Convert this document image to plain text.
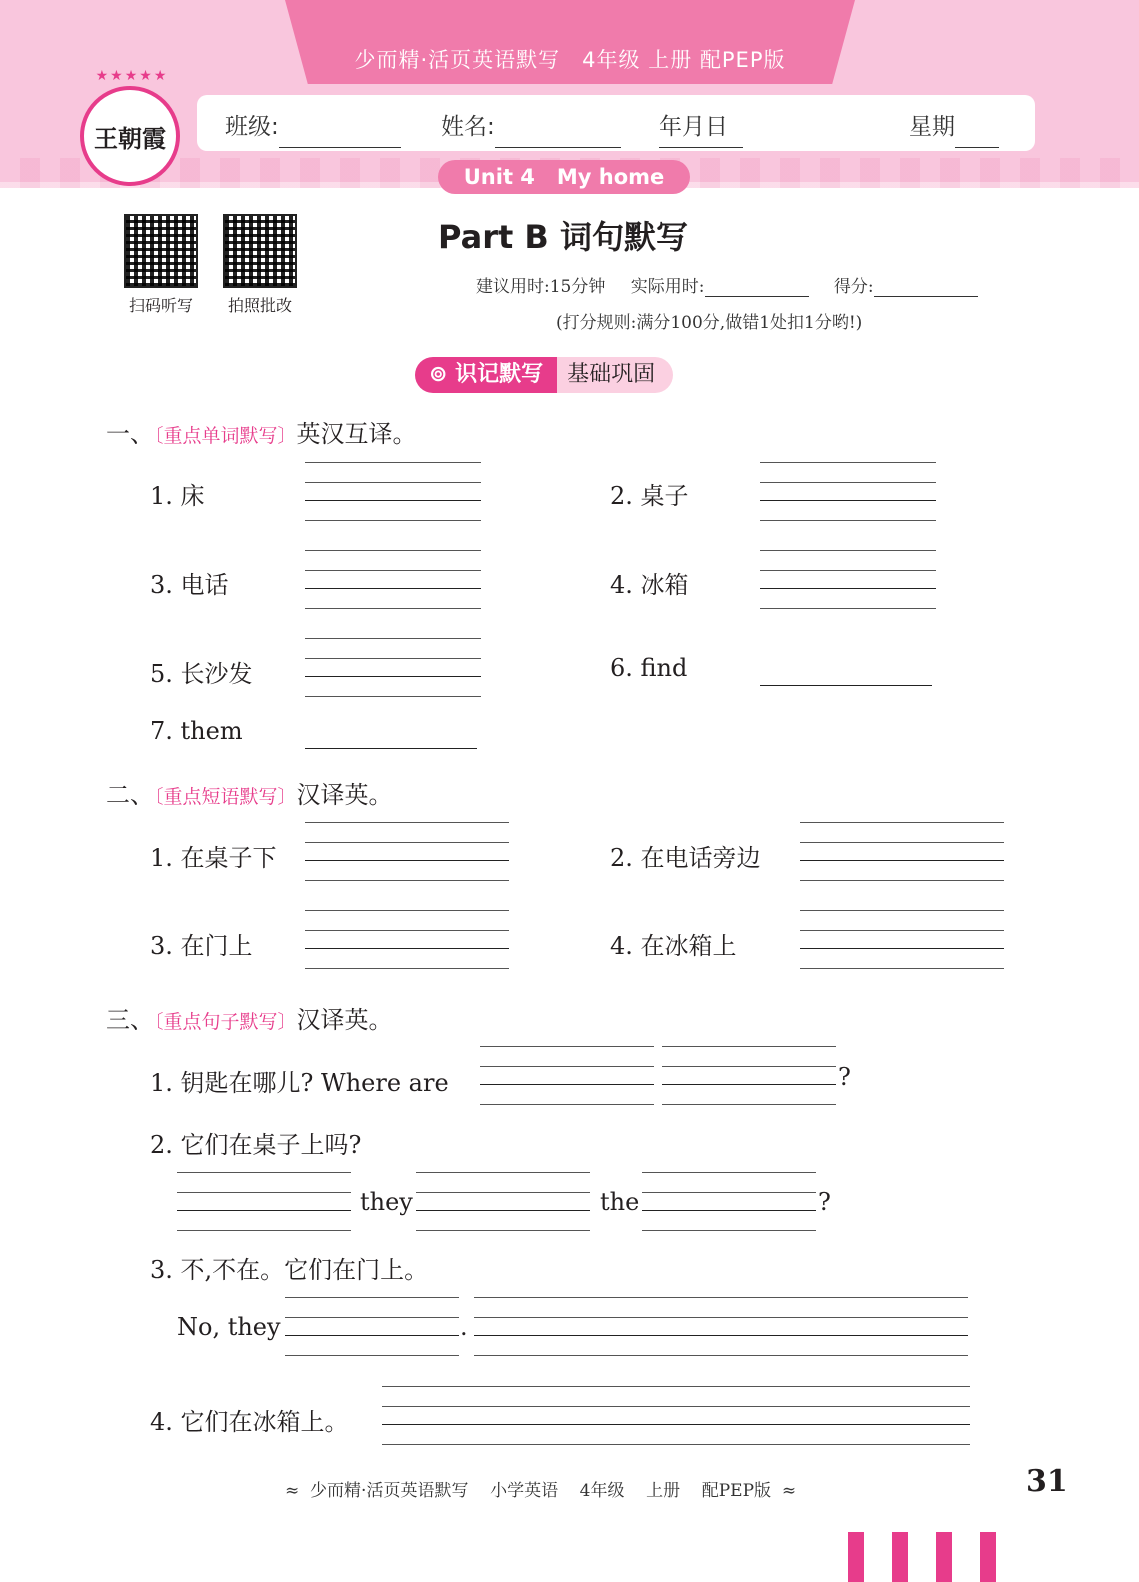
少而精·活页英语默写　4年级 上册 配PEP版
★★★★★
王朝霞	班级:	姓名:	年
月
日	星期
Unit 4   My home
扫码听写	拍照批改
Part B 词句默写
建议用时:15分钟 实际用时:	得分:
(打分规则:满分100分,做错1处扣1分哟!)
⊚ 识记默写	基础巩固
一、〔重点单词默写〕英汉互译。
1. 床	2. 桌子
3. 电话	4. 冰箱
5. 长沙发	6. find
7. them
二、〔重点短语默写〕汉译英。
1. 在桌子下	2. 在电话旁边
3. 在门上	4. 在冰箱上
三、〔重点句子默写〕汉译英。
1. 钥匙在哪儿? Where are	?
2. 它们在桌子上吗?
they	the	?
3. 不,不在。它们在门上。
No, they	.
4. 它们在冰箱上。
≈  少而精·活页英语默写    小学英语    4年级    上册    配PEP版  ≈	31
